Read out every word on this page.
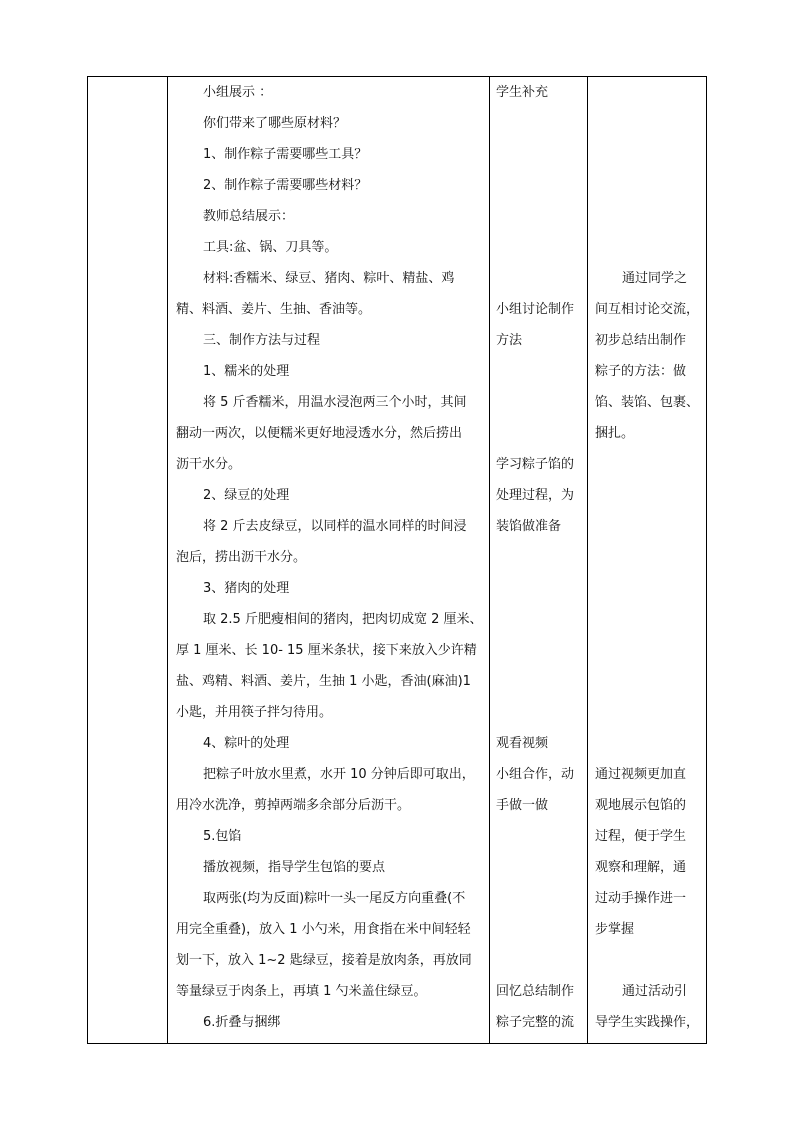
小组展示 ：
你们带来了哪些原材料？
1、制作粽子需要哪些工具？
2、制作粽子需要哪些材料？
教师总结展示：
工具:盆、锅、刀具等。
材料:香糯米、绿豆、猪肉、粽叶、精盐、鸡
精、料酒、姜片、生抽、香油等。
三、制作方法与过程
1、糯米的处理
将 5 斤香糯米，用温水浸泡两三个小时，其间
翻动一两次，以便糯米更好地浸透水分，然后捞出
沥干水分。
2、绿豆的处理
将 2 斤去皮绿豆，以同样的温水同样的时间浸
泡后，捞出沥干水分。
3、猪肉的处理
取 2.5 斤肥瘦相间的猪肉，把肉切成宽 2 厘米、
厚 1 厘米、长 10- 15 厘米条状，接下来放入少许精
盐、鸡精、料酒、姜片，生抽 1 小匙，香油(麻油)1
小匙，并用筷子拌匀待用。
4、粽叶的处理
把粽子叶放水里煮，水开 10 分钟后即可取出，
用冷水洗净，剪掉两端多余部分后沥干。
5.包馅
播放视频，指导学生包馅的要点
取两张(均为反面)粽叶一头一尾反方向重叠(不
用完全重叠)，放入 1 小勺米，用食指在米中间轻轻
划一下，放入 1~2 匙绿豆，接着是放肉条，再放同
等量绿豆于肉条上，再填 1 勺米盖住绿豆。
6.折叠与捆绑
学生补充
小组讨论制作
方法
学习粽子馅的
处理过程，为
装馅做准备
观看视频
小组合作，动
手做一做
回忆总结制作
粽子完整的流
通过同学之
间互相讨论交流，
初步总结出制作
粽子的方法：做
馅、装馅、包裹、
捆扎。
通过视频更加直
观地展示包馅的
过程，便于学生
观察和理解，通
过动手操作进一
步掌握
通过活动引
导学生实践操作，
